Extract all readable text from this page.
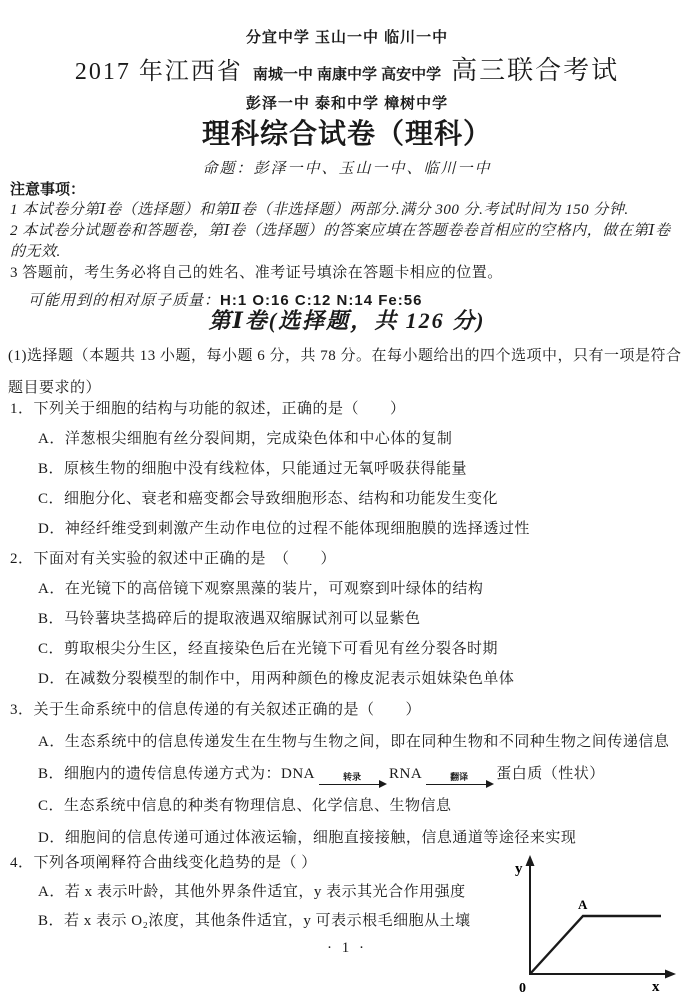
分宜中学 玉山一中 临川一中
2017 年江西省 南城一中 南康中学 高安中学 高三联合考试
彭泽一中 泰和中学 樟树中学
理科综合试卷（理科）
命题：彭泽一中、玉山一中、临川一中
注意事项：
1 本试卷分第Ⅰ卷（选择题）和第Ⅱ卷（非选择题）两部分.满分 300 分.考试时间为 150 分钟.
2 本试卷分试题卷和答题卷，第Ⅰ卷（选择题）的答案应填在答题卷卷首相应的空格内，做在第Ⅰ卷的无效.
3 答题前，考生务必将自己的姓名、准考证号填涂在答题卡相应的位置。
可能用到的相对原子质量：H:1 O:16 C:12 N:14 Fe:56
第Ⅰ卷(选择题，共 126 分)
(1)选择题（本题共 13 小题，每小题 6 分，共 78 分。在每小题给出的四个选项中，只有一项是符合题目要求的）
1．下列关于细胞的结构与功能的叙述，正确的是（　　）
A．洋葱根尖细胞有丝分裂间期，完成染色体和中心体的复制
B．原核生物的细胞中没有线粒体，只能通过无氧呼吸获得能量
C．细胞分化、衰老和癌变都会导致细胞形态、结构和功能发生变化
D．神经纤维受到刺激产生动作电位的过程不能体现细胞膜的选择透过性
2．下面对有关实验的叙述中正确的是　（　　）
A．在光镜下的高倍镜下观察黑藻的装片，可观察到叶绿体的结构
B．马铃薯块茎捣碎后的提取液遇双缩脲试剂可以显紫色
C．剪取根尖分生区，经直接染色后在光镜下可看见有丝分裂各时期
D．在减数分裂模型的制作中，用两种颜色的橡皮泥表示姐妹染色单体
3．关于生命系统中的信息传递的有关叙述正确的是（　　）
A．生态系统中的信息传递发生在生物与生物之间，即在同种生物和不同种生物之间传递信息
B．细胞内的遗传信息传递方式为：DNA	转录 RNA	翻译 蛋白质（性状）
C．生态系统中信息的种类有物理信息、化学信息、生物信息
D．细胞间的信息传递可通过体液运输，细胞直接接触，信息通道等途径来实现
4．下列各项阐释符合曲线变化趋势的是（ ）
A．若 x 表示叶龄，其他外界条件适宜，y 表示其光合作用强度
B．若 x 表示 O₂浓度，其他条件适宜，y 可表示根毛细胞从土壤
y
x
0
A
· 1 ·
